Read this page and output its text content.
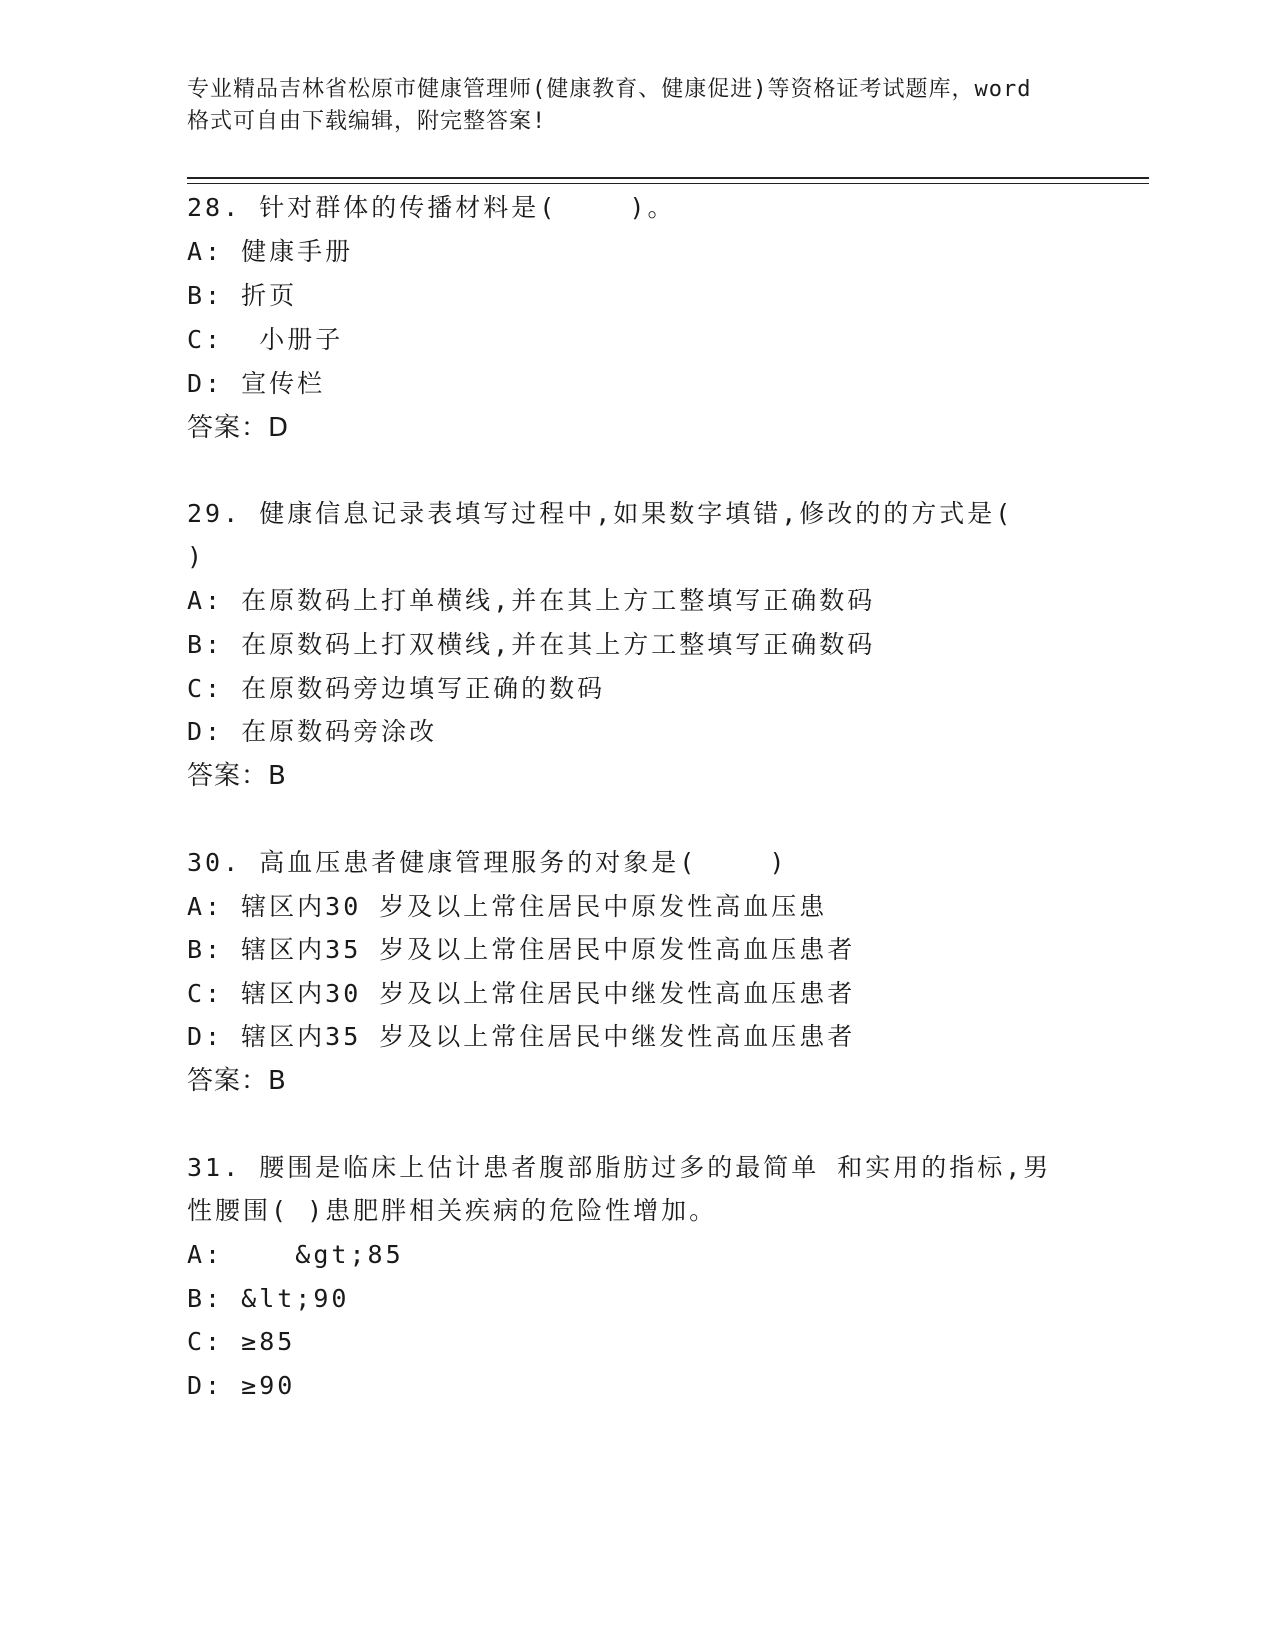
专业精品吉林省松原市健康管理师(健康教育、健康促进)等资格证考试题库，word
格式可自由下载编辑，附完整答案!
28. 针对群体的传播材料是(    )。
A: 健康手册
B: 折页
C:  小册子
D: 宣传栏
答案：D
29. 健康信息记录表填写过程中,如果数字填错,修改的的方式是(
)
A: 在原数码上打单横线,并在其上方工整填写正确数码
B: 在原数码上打双横线,并在其上方工整填写正确数码
C: 在原数码旁边填写正确的数码
D: 在原数码旁涂改
答案：B
30. 高血压患者健康管理服务的对象是(    )
A: 辖区内30 岁及以上常住居民中原发性高血压患
B: 辖区内35 岁及以上常住居民中原发性高血压患者
C: 辖区内30 岁及以上常住居民中继发性高血压患者
D: 辖区内35 岁及以上常住居民中继发性高血压患者
答案：B
31. 腰围是临床上估计患者腹部脂肪过多的最简单 和实用的指标,男
性腰围( )患肥胖相关疾病的危险性增加。
A:    &gt;85
B: &lt;90
C: ≥85
D: ≥90
